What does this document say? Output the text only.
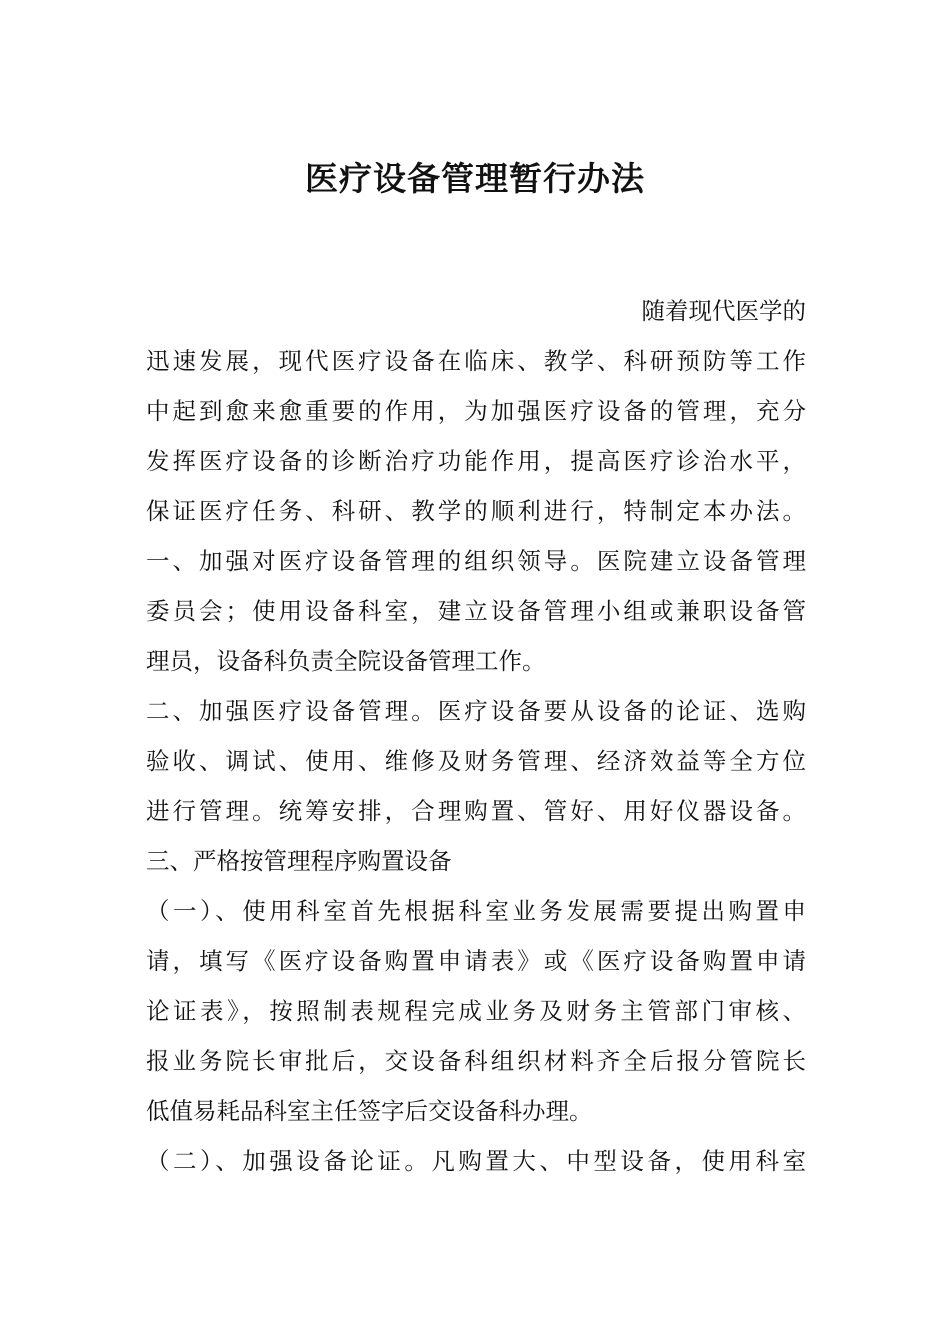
医疗设备管理暂行办法
随着现代医学的
迅速发展，现代医疗设备在临床、教学、科研预防等工作
中起到愈来愈重要的作用，为加强医疗设备的管理，充分
发挥医疗设备的诊断治疗功能作用，提高医疗诊治水平，
保证医疗任务、科研、教学的顺利进行，特制定本办法。
一、加强对医疗设备管理的组织领导。医院建立设备管理
委员会；使用设备科室，建立设备管理小组或兼职设备管
理员，设备科负责全院设备管理工作。
二、加强医疗设备管理。医疗设备要从设备的论证、选购
验收、调试、使用、维修及财务管理、经济效益等全方位
进行管理。统筹安排，合理购置、管好、用好仪器设备。
三、严格按管理程序购置设备
（一）、使用科室首先根据科室业务发展需要提出购置申
请，填写《医疗设备购置申请表》或《医疗设备购置申请
论证表》，按照制表规程完成业务及财务主管部门审核、
报业务院长审批后，交设备科组织材料齐全后报分管院长
低值易耗品科室主任签字后交设备科办理。
（二）、加强设备论证。凡购置大、中型设备，使用科室
